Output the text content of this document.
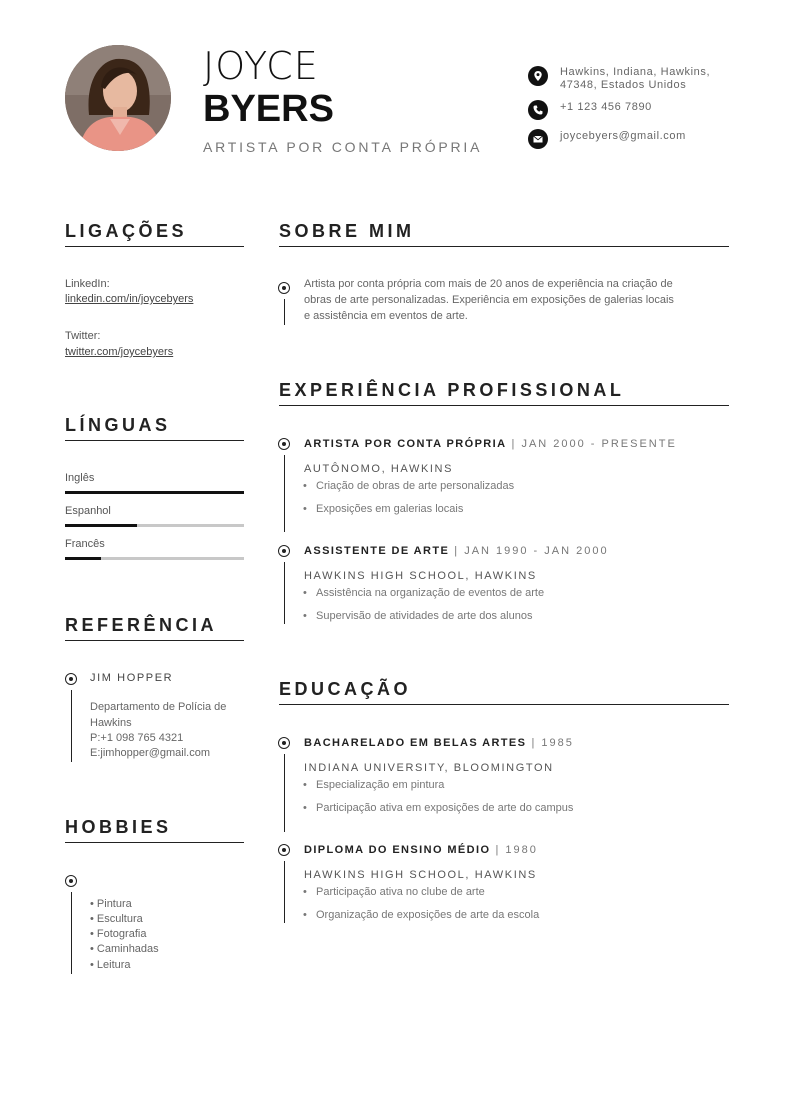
JOYCE
BYERS
ARTISTA POR CONTA PRÓPRIA
Hawkins, Indiana, Hawkins,
47348, Estados Unidos
+1 123 456 7890
joycebyers@gmail.com
LIGAÇÕES
LinkedIn:
linkedin.com/in/joycebyers
Twitter:
twitter.com/joycebyers
LÍNGUAS
Inglês
Espanhol
Francês
REFERÊNCIA
JIM HOPPER
Departamento de Polícia de
Hawkins
P:+1 098 765 4321
E:jimhopper@gmail.com
HOBBIES
• Pintura
• Escultura
• Fotografia
• Caminhadas
• Leitura
SOBRE MIM
Artista por conta própria com mais de 20 anos de experiência na criação de
obras de arte personalizadas. Experiência em exposições de galerias locais
e assistência em eventos de arte.
EXPERIÊNCIA PROFISSIONAL
ARTISTA POR CONTA PRÓPRIA | JAN 2000 - PRESENTE
AUTÔNOMO, HAWKINS
• Criação de obras de arte personalizadas
• Exposições em galerias locais
ASSISTENTE DE ARTE | JAN 1990 - JAN 2000
HAWKINS HIGH SCHOOL, HAWKINS
• Assistência na organização de eventos de arte
• Supervisão de atividades de arte dos alunos
EDUCAÇÃO
BACHARELADO EM BELAS ARTES | 1985
INDIANA UNIVERSITY, BLOOMINGTON
• Especialização em pintura
• Participação ativa em exposições de arte do campus
DIPLOMA DO ENSINO MÉDIO | 1980
HAWKINS HIGH SCHOOL, HAWKINS
• Participação ativa no clube de arte
• Organização de exposições de arte da escola
